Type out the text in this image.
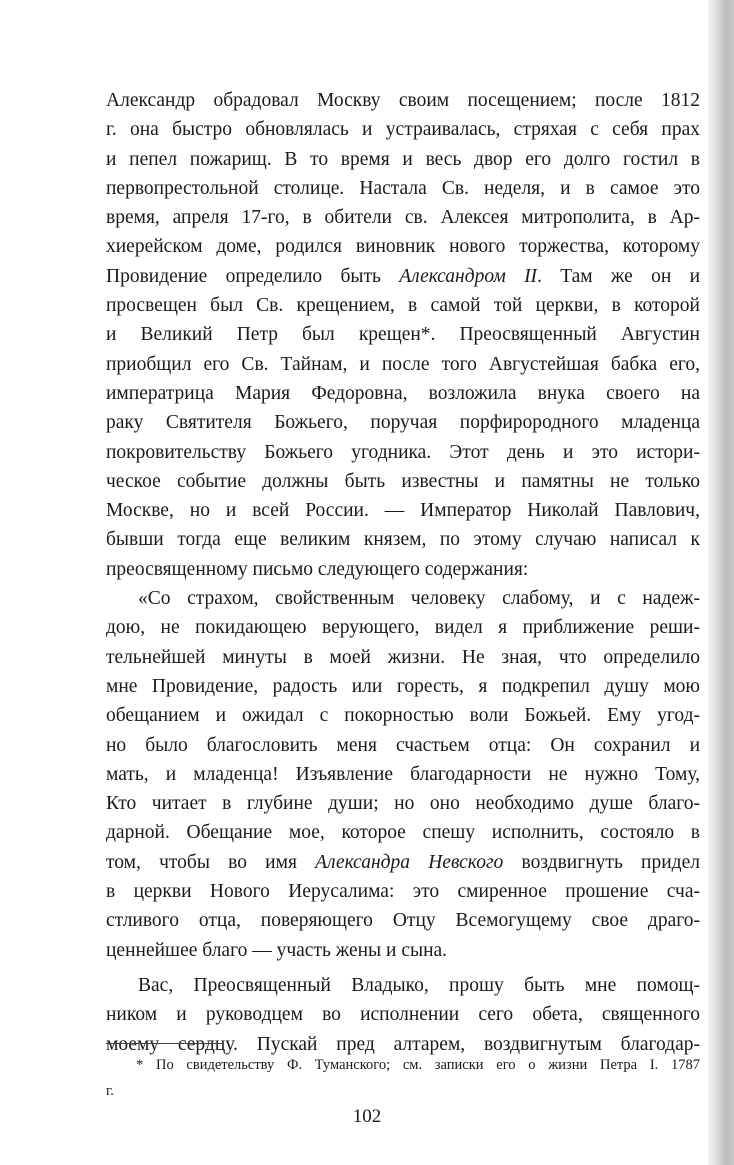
Александр обрадовал Москву своим посещением; после 1812
г. она быстро обновлялась и устраивалась, стряхая с себя прах
и пепел пожарищ. В то время и весь двор его долго гостил в
первопрестольной столице. Настала Св. неделя, и в самое это
время, апреля 17-го, в обители св. Алексея митрополита, в Ар-
хиерейском доме, родился виновник нового торжества, которому
Провидение определило быть Александром II. Там же он и
просвещен был Св. крещением, в самой той церкви, в которой
и Великий Петр был крещен*. Преосвященный Августин
приобщил его Св. Тайнам, и после того Августейшая бабка его,
императрица Мария Федоровна, возложила внука своего на
раку Святителя Божьего, поручая порфирородного младенца
покровительству Божьего угодника. Этот день и это истори-
ческое событие должны быть известны и памятны не только
Москве, но и всей России. — Император Николай Павлович,
бывши тогда еще великим князем, по этому случаю написал к
преосвященному письмо следующего содержания:
«Со страхом, свойственным человеку слабому, и с надеж-
дою, не покидающею верующего, видел я приближение реши-
тельнейшей минуты в моей жизни. Не зная, что определило
мне Провидение, радость или горесть, я подкрепил душу мою
обещанием и ожидал с покорностью воли Божьей. Ему угод-
но было благословить меня счастьем отца: Он сохранил и
мать, и младенца! Изъявление благодарности не нужно Тому,
Кто читает в глубине души; но оно необходимо душе благо-
дарной. Обещание мое, которое спешу исполнить, состояло в
том, чтобы во имя Александра Невского воздвигнуть придел
в церкви Нового Иерусалима: это смиренное прошение сча-
стливого отца, поверяющего Отцу Всемогущему свое драго-
ценнейшее благо — участь жены и сына.
Вас, Преосвященный Владыко, прошу быть мне помощ-
ником и руководцем во исполнении сего обета, священного
моему сердцу. Пускай пред алтарем, воздвигнутым благодар-
* По свидетельству Ф. Туманского; см. записки его о жизни Петра I. 1787
г.
102
